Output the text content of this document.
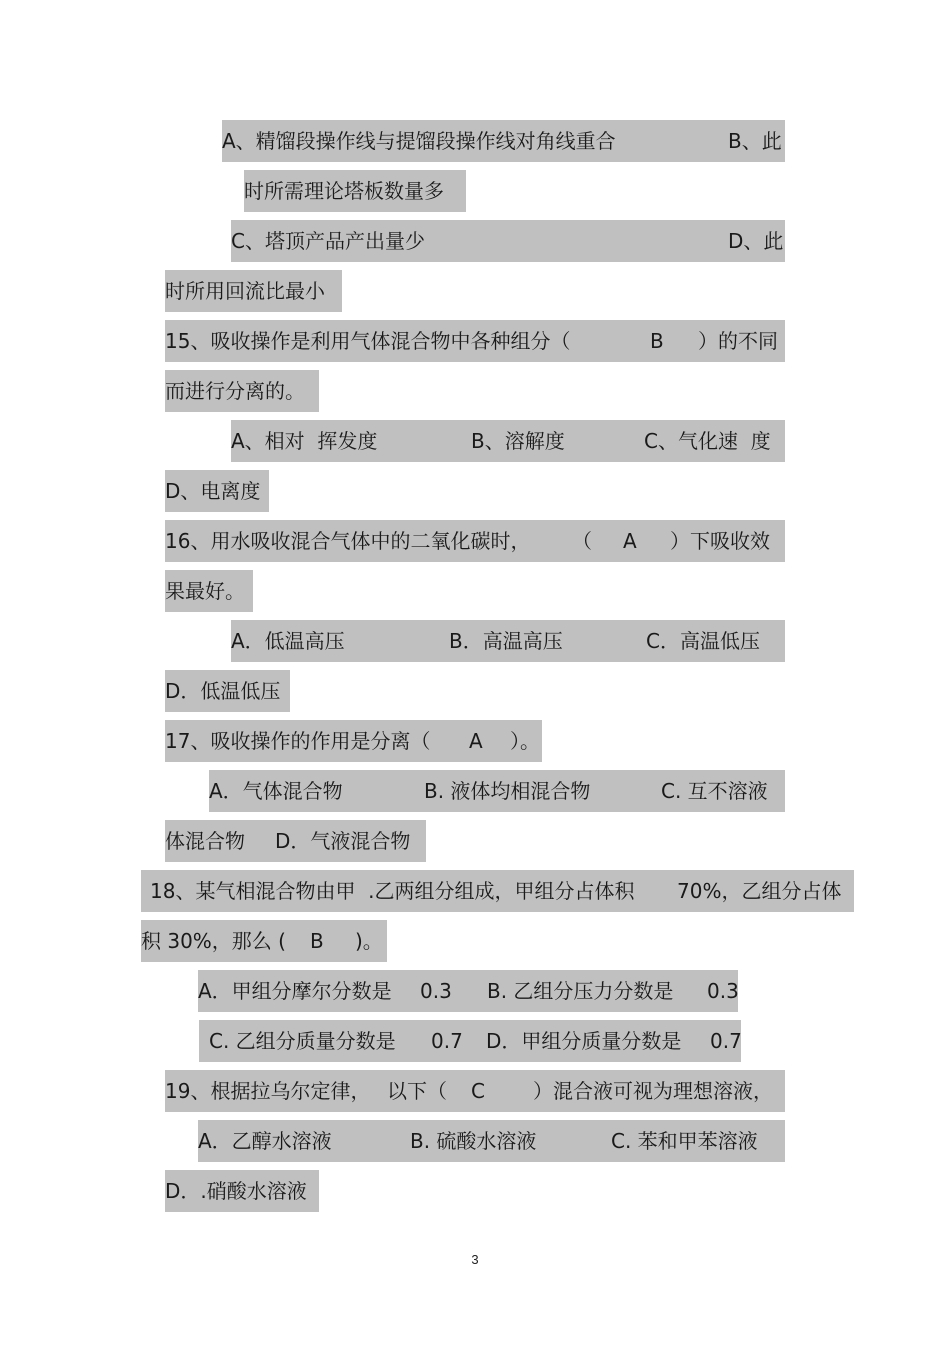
A、精馏段操作线与提馏段操作线对角线重合	B、此
时所需理论塔板数量多
C、塔顶产品产出量少	D、此
时所用回流比最小
15、吸收操作是利用气体混合物中各种组分（	B ）的不同
而进行分离的。
A、相对  挥发度	B、溶解度	C、气化速  度
D、电离度
16、用水吸收混合气体中的二氧化碳时， （ A ）下吸收效
果最好。
A．低温高压	B．高温高压	C．高温低压
D．低温低压
17、吸收操作的作用是分离（ A ）。
A．气体混合物	B. 液体均相混合物	C. 互不溶液
体混合物 D．气液混合物
18、某气相混合物由甲  .乙两组分组成，甲组分占体积 70%，乙组分占体
积 30%，那么 ( B )。
A．甲组分摩尔分数是 0.3 B. 乙组分压力分数是 0.3
C. 乙组分质量分数是 0.7 D．甲组分质量分数是 0.7
19、根据拉乌尔定律， 以下（ C ）混合液可视为理想溶液，
A．乙醇水溶液	B. 硫酸水溶液	C. 苯和甲苯溶液
D．.硝酸水溶液
3
